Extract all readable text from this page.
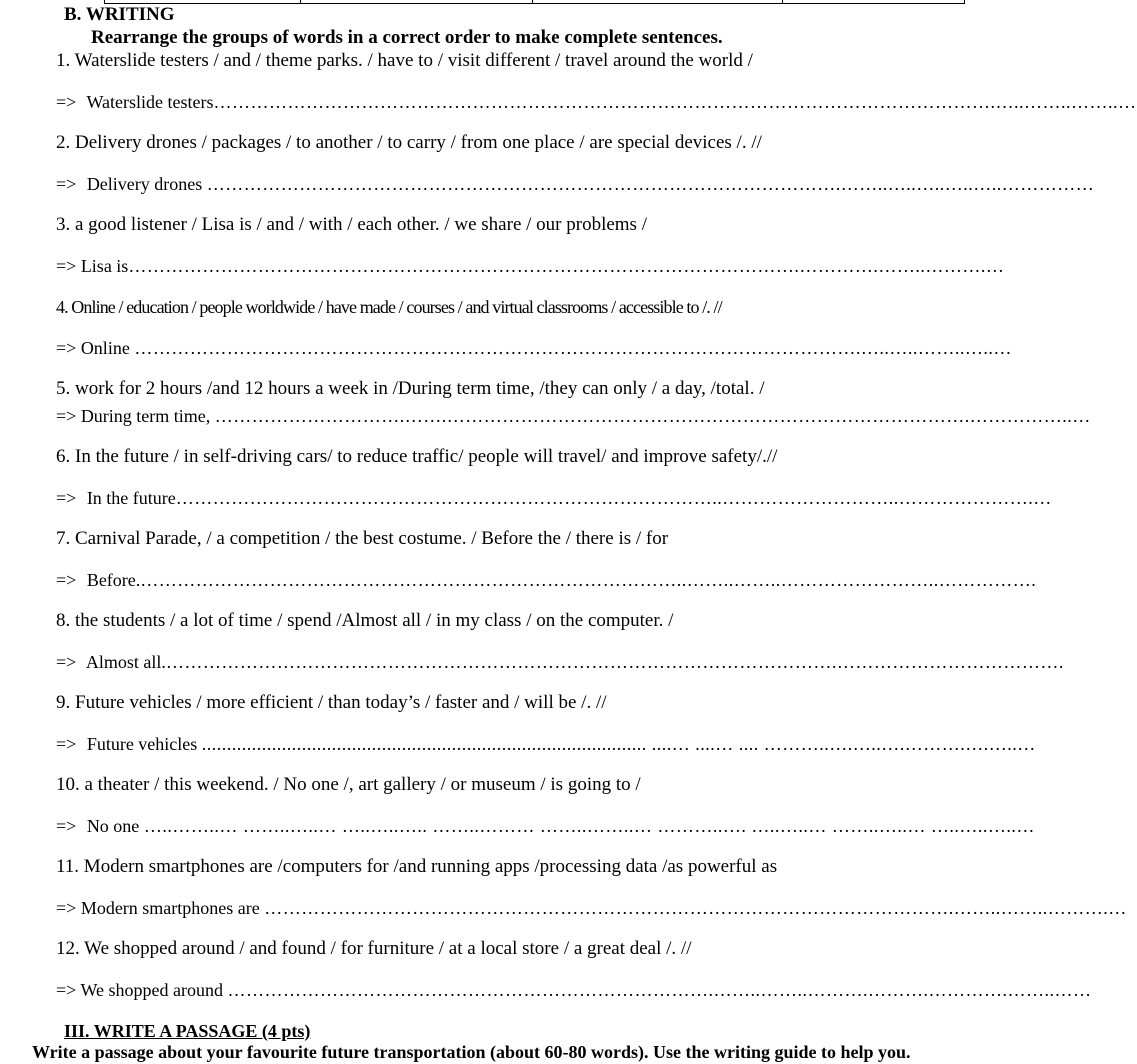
B. WRITING
Rearrange the groups of words in a correct order to make complete sentences.
1. Waterslide testers / and / theme parks. / have to / visit different / travel around the world /
=> Waterslide testers……………………………………………………………………………………………………………….…..……..……..…
2. Delivery drones / packages / to another / to carry / from one place / are special devices /. //
=> Delivery drones ………………………………………………………………………………………….……..…..…..…..…..……………
3. a good listener / Lisa is / and / with / each other. / we share / our problems /
=> Lisa is……………………………………………………………………………………………….………….……..……….…
4. Online / education / people worldwide / have made / courses / and virtual classrooms / accessible to /. //
=> Online ……………………………………………………………………………………………………….…..…..……..…..…
5. work for 2 hours /and 12 hours a week in /During term time, /they can only / a day, /total. /
=> During term time, ………………………….…….………………………………………………………………………….……………..…
6. In the future / in self-driving cars/ to reduce traffic/ people will travel/ and improve safety/.//
=> In the future……………………………………………………………………………..………………………..………………….…
7. Carnival Parade, / a competition / the best costume. / Before the / there is / for
=> Before.……………………………………………………………………………..……..……..……………………..…………….
8. the students / a lot of time / spend /Almost all / in my class / on the computer. /
=> Almost all.……………………………………………………………………………………………….……………………………….
9. Future vehicles / more efficient / than today’s / faster and / will be /. //
=> Future vehicles ......................................................................................... ....… ....… .... ………..….…..….……….….…..…
10. a theater / this weekend. / No one /, art gallery / or museum / is going to /
=> No one …..……..… ……..…..… …..…..….. ……..……… ……..……..… ………..…. …..…..… ……..…..… …..…..…..…
11. Modern smartphones are /computers for /and running apps /processing data /as powerful as
=> Modern smartphones are ………………………………………………………………………………………………….……..……..……….…
12. We shopped around / and found / for furniture / at a local store / a great deal /. //
=> We shopped around …………………………………………………………………….……..……..……….……….………….……..……
III. WRITE A PASSAGE (4 pts)
Write a passage about your favourite future transportation (about 60-80 words). Use the writing guide to help you.
